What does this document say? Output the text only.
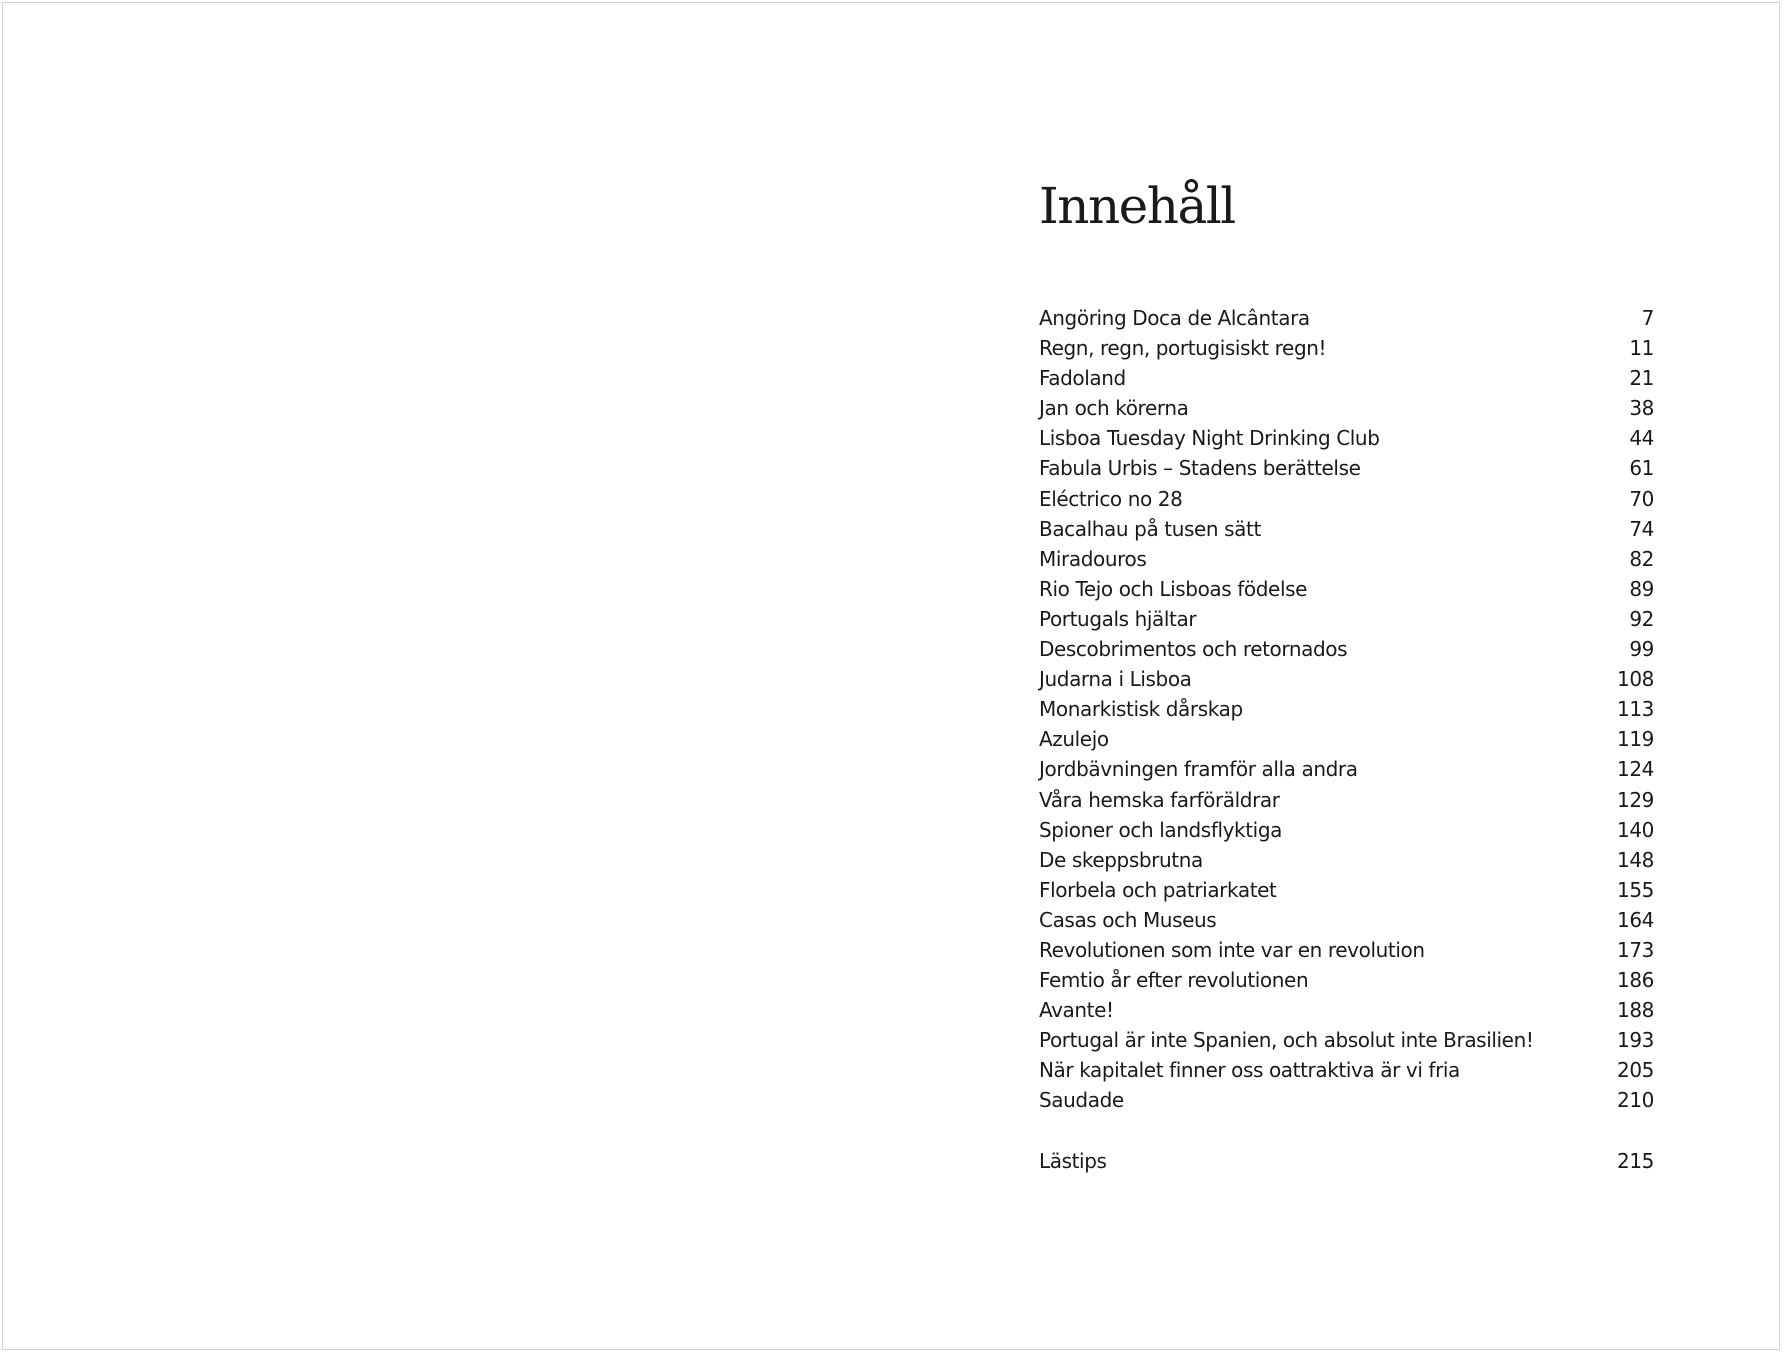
Innehåll
Angöring Doca de Alcântara	7
Regn, regn, portugisiskt regn!	11
Fadoland	21
Jan och körerna	38
Lisboa Tuesday Night Drinking Club	44
Fabula Urbis – Stadens berättelse	61
Eléctrico no 28	70
Bacalhau på tusen sätt	74
Miradouros	82
Rio Tejo och Lisboas födelse	89
Portugals hjältar	92
Descobrimentos och retornados	99
Judarna i Lisboa	108
Monarkistisk dårskap	113
Azulejo	119
Jordbävningen framför alla andra	124
Våra hemska farföräldrar	129
Spioner och landsflyktiga	140
De skeppsbrutna	148
Florbela och patriarkatet	155
Casas och Museus	164
Revolutionen som inte var en revolution	173
Femtio år efter revolutionen	186
Avante!	188
Portugal är inte Spanien, och absolut inte Brasilien!	193
När kapitalet finner oss oattraktiva är vi fria	205
Saudade	210
Lästips	215
